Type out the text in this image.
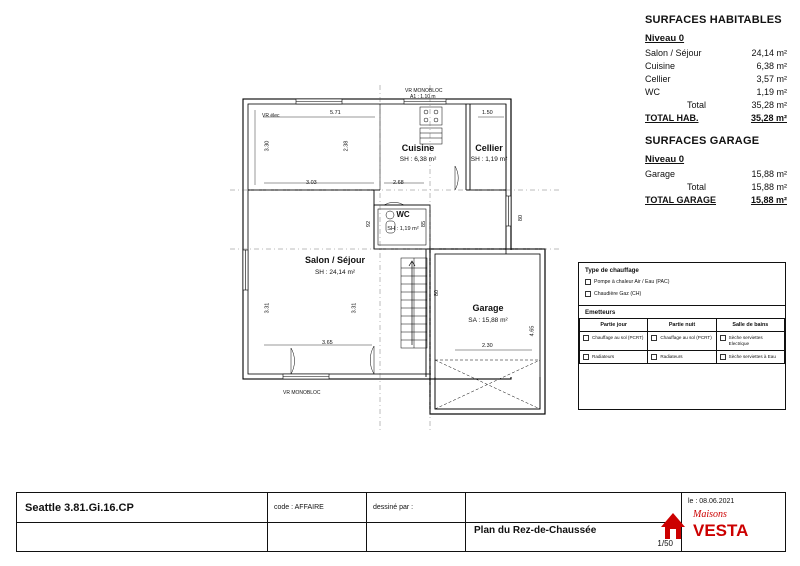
SURFACES HABITABLES
Niveau 0
Salon / Séjour	24,14 m²
Cuisine	6,38 m²
Cellier	3,57 m²
WC	1,19 m²
Total	35,28 m²
TOTAL HAB.	35,28 m²
SURFACES GARAGE
Niveau 0
Garage	15,88 m²
Total	15,88 m²
TOTAL GARAGE	15,88 m²
Type de chauffage
Pompe à chaleur Air / Eau (PAC)
Chaudière Gaz (CH)
Emetteurs
Partie jour	Partie nuit	Salle de bains

Chauffage au sol (PCRT)	Chauffage au sol (PCRT)	Sèche serviettes Electrique

Radiateurs	Radiateurs	Sèche serviettes à Eau
Cuisine
SH : 6,38 m²
Cellier
SH : 1,19 m²
WC
SH : 1,19 m²
Salon / Séjour
SH : 24,14 m²
Garage
SA : 15,88 m²
VR élec
VR MONOBLOC
VR MONOBLOC
A1 : 1.10 m
5.71	1.50
3.30
3.31
3.03
2.38
2.68
3.31
3.65
92	85
80
2.30
4.65
80
Seattle 3.81.Gi.16.CP	code : AFFAIRE	dessiné par :
Plan du Rez-de-Chaussée
1/50
le : 08.06.2021
Maisons
VESTA
